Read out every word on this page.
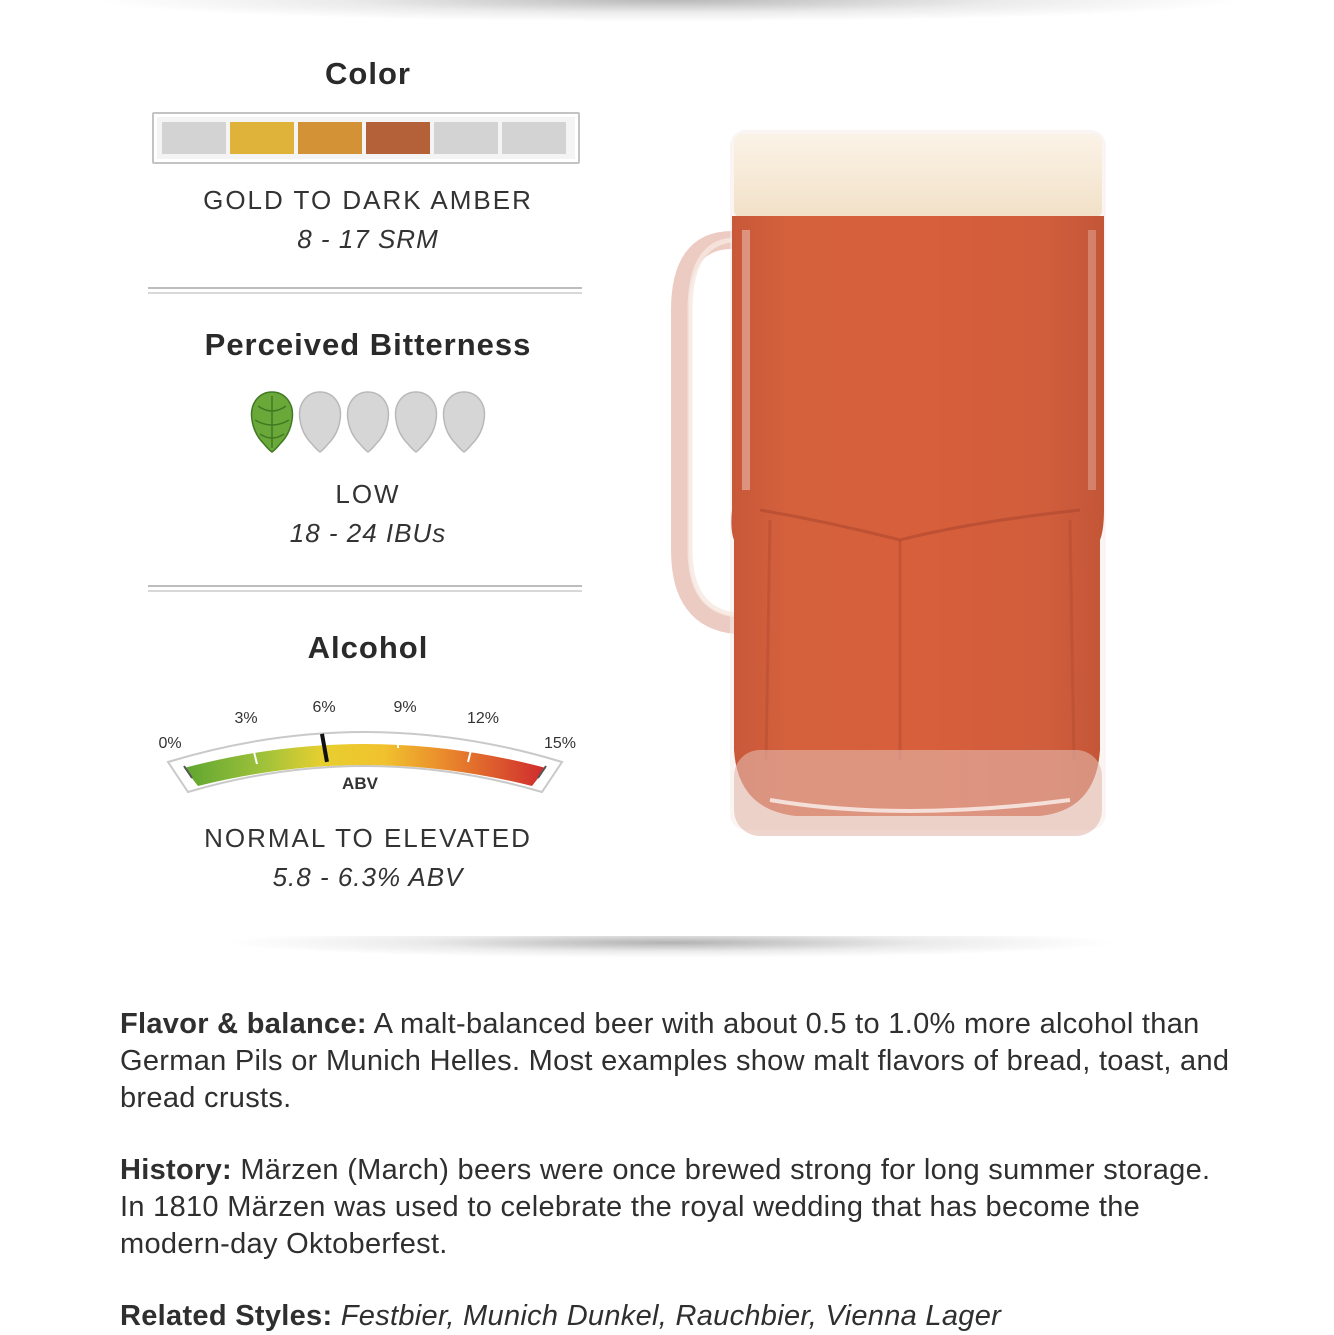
Color
GOLD TO DARK AMBER
8 - 17 SRM
Perceived Bitterness
LOW
18 - 24 IBUs
Alcohol
0%
3%
6%	9%
12%
15%
ABV
NORMAL TO ELEVATED
5.8 - 6.3% ABV
Flavor & balance: A malt-balanced beer with about 0.5 to 1.0% more alcohol than German Pils or Munich Helles. Most examples show malt flavors of bread, toast, and bread crusts.
History: Märzen (March) beers were once brewed strong for long summer storage. In 1810 Märzen was used to celebrate the royal wedding that has become the modern-day Oktoberfest.
Related Styles: Festbier, Munich Dunkel, Rauchbier, Vienna Lager
